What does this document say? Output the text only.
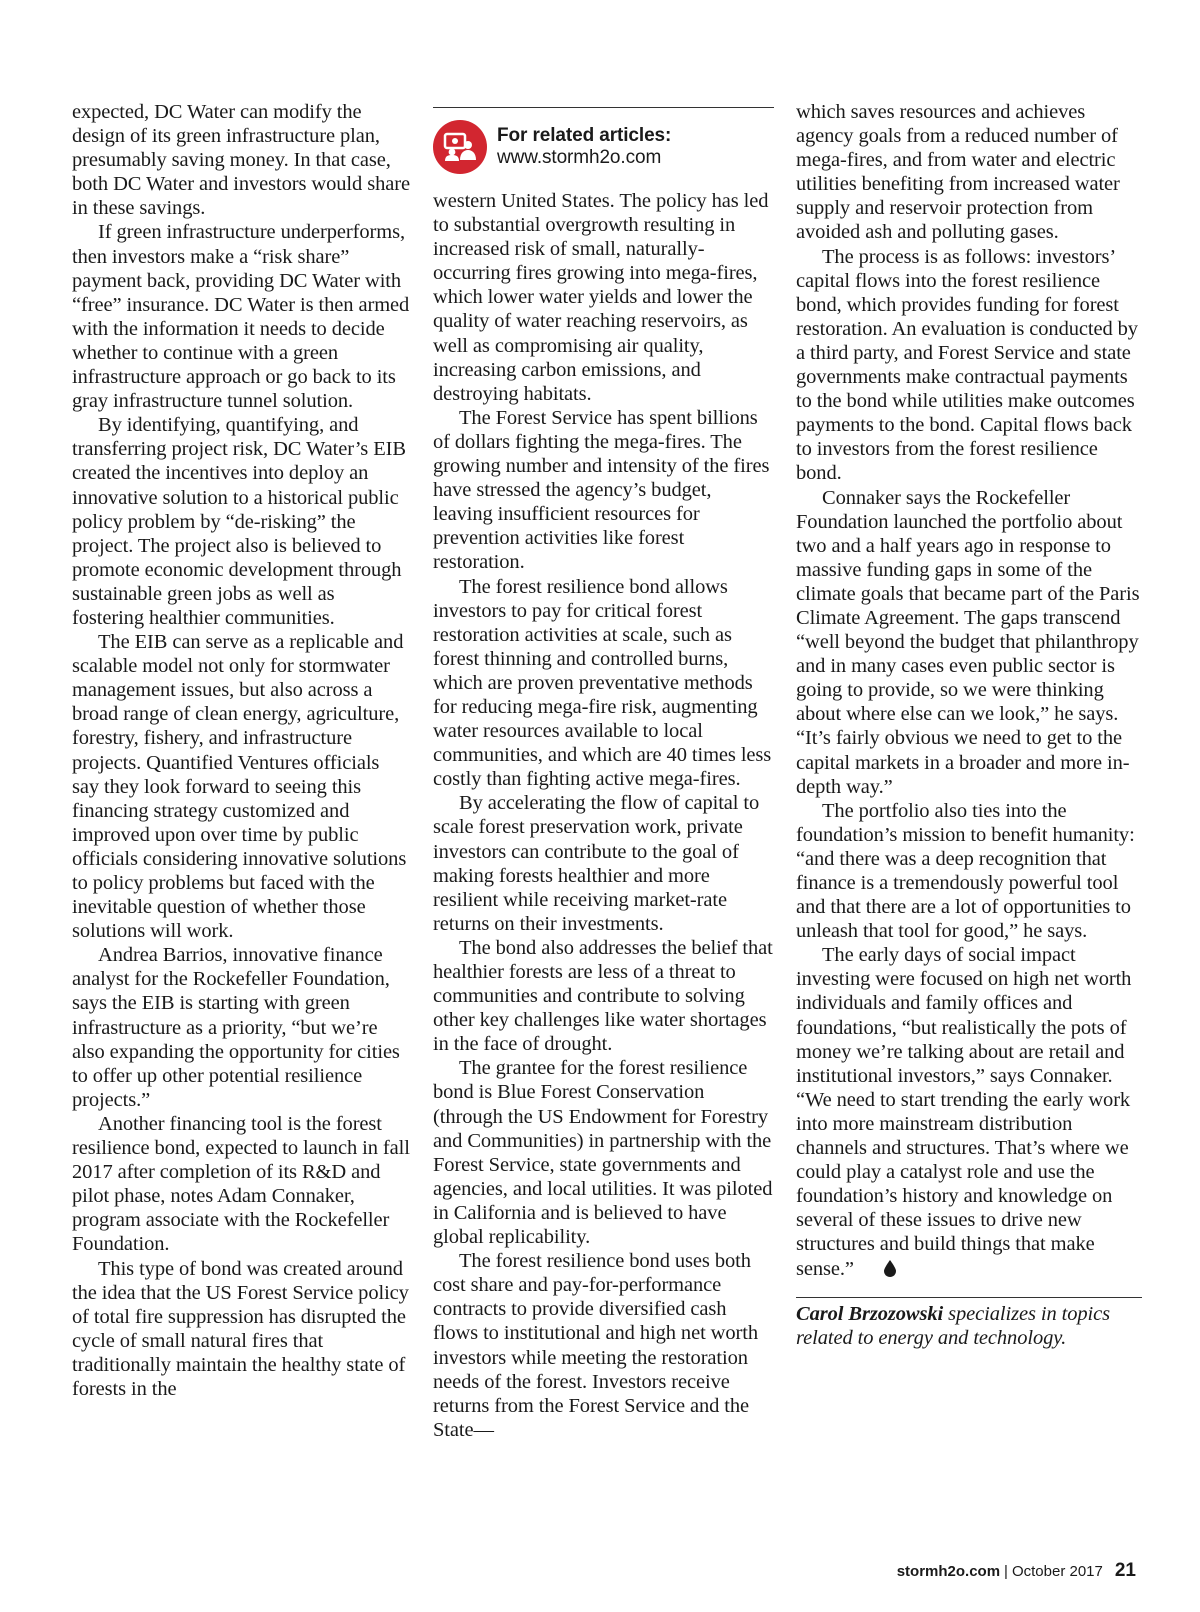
expected, DC Water can modify the design of its green infrastructure plan, presumably saving money. In that case, both DC Water and investors would share in these savings.

If green infrastructure underperforms, then investors make a “risk share” payment back, providing DC Water with “free” insurance. DC Water is then armed with the information it needs to decide whether to continue with a green infrastructure approach or go back to its gray infrastructure tunnel solution.

By identifying, quantifying, and transferring project risk, DC Water’s EIB created the incentives into deploy an innovative solution to a historical public policy problem by “de-risking” the project. The project also is believed to promote economic development through sustainable green jobs as well as fostering healthier communities.

The EIB can serve as a replicable and scalable model not only for stormwater management issues, but also across a broad range of clean energy, agriculture, forestry, fishery, and infrastructure projects. Quantified Ventures officials say they look forward to seeing this financing strategy customized and improved upon over time by public officials considering innovative solutions to policy problems but faced with the inevitable question of whether those solutions will work.

Andrea Barrios, innovative finance analyst for the Rockefeller Foundation, says the EIB is starting with green infrastructure as a priority, “but we’re also expanding the opportunity for cities to offer up other potential resilience projects.”

Another financing tool is the forest resilience bond, expected to launch in fall 2017 after completion of its R&D and pilot phase, notes Adam Connaker, program associate with the Rockefeller Foundation.

This type of bond was created around the idea that the US Forest Service policy of total fire suppression has disrupted the cycle of small natural fires that traditionally maintain the healthy state of forests in the

For related articles:
www.stormh2o.com

western United States. The policy has led to substantial overgrowth resulting in increased risk of small, naturally-occurring fires growing into mega-fires, which lower water yields and lower the quality of water reaching reservoirs, as well as compromising air quality, increasing carbon emissions, and destroying habitats.

The Forest Service has spent billions of dollars fighting the mega-fires. The growing number and intensity of the fires have stressed the agency’s budget, leaving insufficient resources for prevention activities like forest restoration.

The forest resilience bond allows investors to pay for critical forest restoration activities at scale, such as forest thinning and controlled burns, which are proven preventative methods for reducing mega-fire risk, augmenting water resources available to local communities, and which are 40 times less costly than fighting active mega-fires.

By accelerating the flow of capital to scale forest preservation work, private investors can contribute to the goal of making forests healthier and more resilient while receiving market-rate returns on their investments.

The bond also addresses the belief that healthier forests are less of a threat to communities and contribute to solving other key challenges like water shortages in the face of drought.

The grantee for the forest resilience bond is Blue Forest Conservation (through the US Endowment for Forestry and Communities) in partnership with the Forest Service, state governments and agencies, and local utilities. It was piloted in California and is believed to have global replicability.

The forest resilience bond uses both cost share and pay-for-performance contracts to provide diversified cash flows to institutional and high net worth investors while meeting the restoration needs of the forest. Investors receive returns from the Forest Service and the State—

which saves resources and achieves agency goals from a reduced number of mega-fires, and from water and electric utilities benefiting from increased water supply and reservoir protection from avoided ash and polluting gases.

The process is as follows: investors’ capital flows into the forest resilience bond, which provides funding for forest restoration. An evaluation is conducted by a third party, and Forest Service and state governments make contractual payments to the bond while utilities make outcomes payments to the bond. Capital flows back to investors from the forest resilience bond.

Connaker says the Rockefeller Foundation launched the portfolio about two and a half years ago in response to massive funding gaps in some of the climate goals that became part of the Paris Climate Agreement. The gaps transcend “well beyond the budget that philanthropy and in many cases even public sector is going to provide, so we were thinking about where else can we look,” he says. “It’s fairly obvious we need to get to the capital markets in a broader and more in-depth way.”

The portfolio also ties into the foundation’s mission to benefit humanity: “and there was a deep recognition that finance is a tremendously powerful tool and that there are a lot of opportunities to unleash that tool for good,” he says.

The early days of social impact investing were focused on high net worth individuals and family offices and foundations, “but realistically the pots of money we’re talking about are retail and institutional investors,” says Connaker. “We need to start trending the early work into more mainstream distribution channels and structures. That’s where we could play a catalyst role and use the foundation’s history and knowledge on several of these issues to drive new structures and build things that make sense.”

Carol Brzozowski specializes in topics related to energy and technology.
stormh2o.com | October 2017 21
